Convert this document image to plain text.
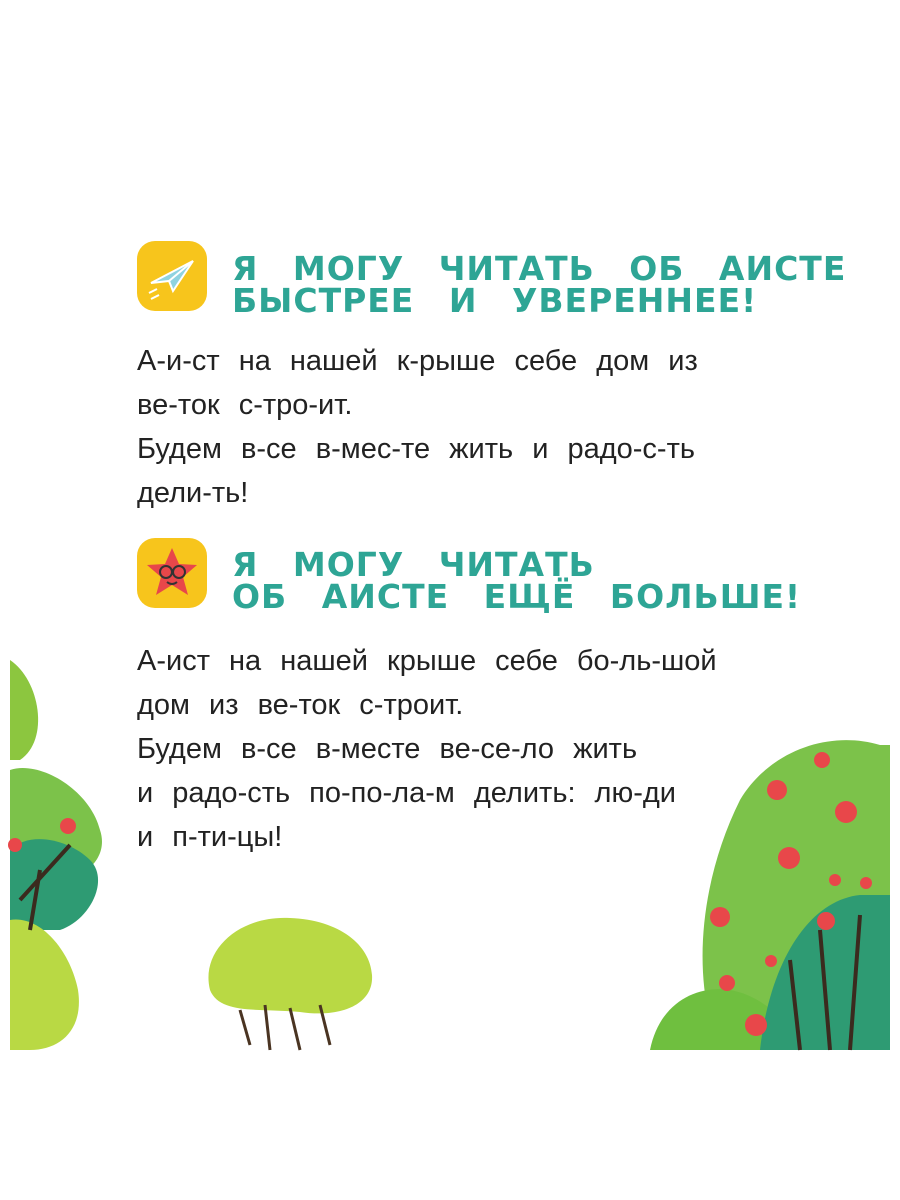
Я МОГУ ЧИТАТЬ ОБ АИСТЕ
БЫСТРЕЕ И УВЕРЕННЕЕ!
А-и-ст на нашей к-рыше себе дом из
ве-ток с-тро-ит.
Будем в-се в-мес-те жить и радо-с-ть
дели-ть!
Я МОГУ ЧИТАТЬ
ОБ АИСТЕ ЕЩЁ БОЛЬШЕ!
А-ист на нашей крыше себе бо-ль-шой
дом из ве-ток с-троит.
Будем в-се в-месте ве-се-ло жить
и радо-сть по-по-ла-м делить: лю-ди
и п-ти-цы!
